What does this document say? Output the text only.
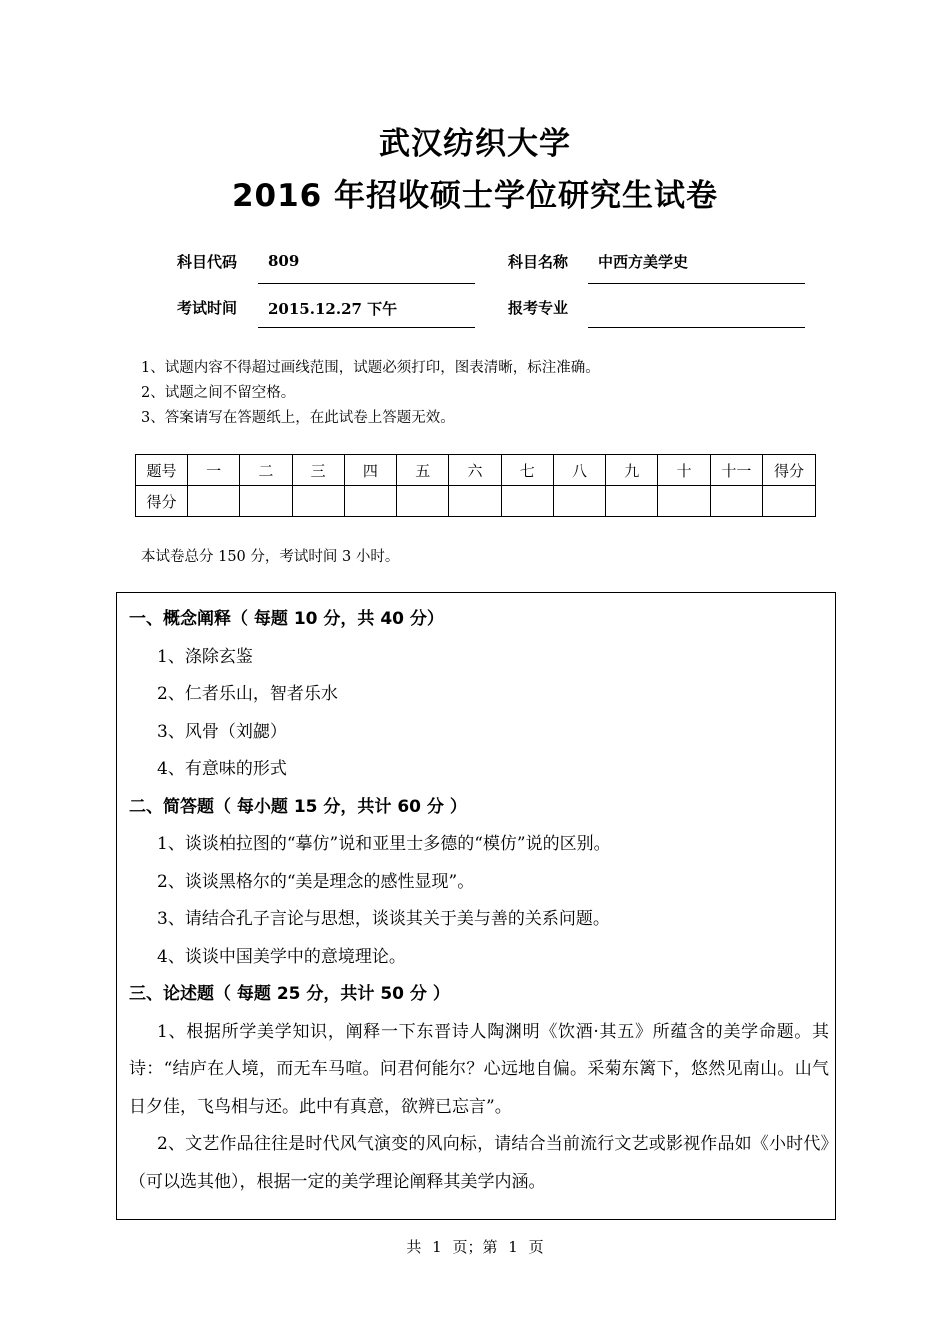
武汉纺织大学
2016 年招收硕士学位研究生试卷
科目代码 809	科目名称 中西方美学史
考试时间 2015.12.27 下午	报考专业
1、试题内容不得超过画线范围，试题必须打印，图表清晰，标注准确。
2、试题之间不留空格。
3、答案请写在答题纸上，在此试卷上答题无效。
题号	一	二	三	四	五	六	七	八	九	十	十一	得分
得分												
本试卷总分 150 分，考试时间 3 小时。
一、概念阐释（ 每题 10 分，共 40 分）
1、涤除玄鉴
2、仁者乐山，智者乐水
3、风骨（刘勰）
4、有意味的形式
二、简答题（ 每小题 15 分，共计 60 分 ）
1、谈谈柏拉图的“摹仿”说和亚里士多德的“模仿”说的区别。
2、谈谈黑格尔的“美是理念的感性显现”。
3、请结合孔子言论与思想，谈谈其关于美与善的关系问题。
4、谈谈中国美学中的意境理论。
三、论述题（ 每题 25 分，共计 50 分 ）
1、根据所学美学知识，阐释一下东晋诗人陶渊明《饮酒·其五》所蕴含的美学命题。其诗：“结庐在人境，而无车马喧。问君何能尔？心远地自偏。采菊东篱下，悠然见南山。山气日夕佳，飞鸟相与还。此中有真意，欲辨已忘言”。
2、文艺作品往往是时代风气演变的风向标，请结合当前流行文艺或影视作品如《小时代》（可以选其他），根据一定的美学理论阐释其美学内涵。
共 1 页；第 1 页
